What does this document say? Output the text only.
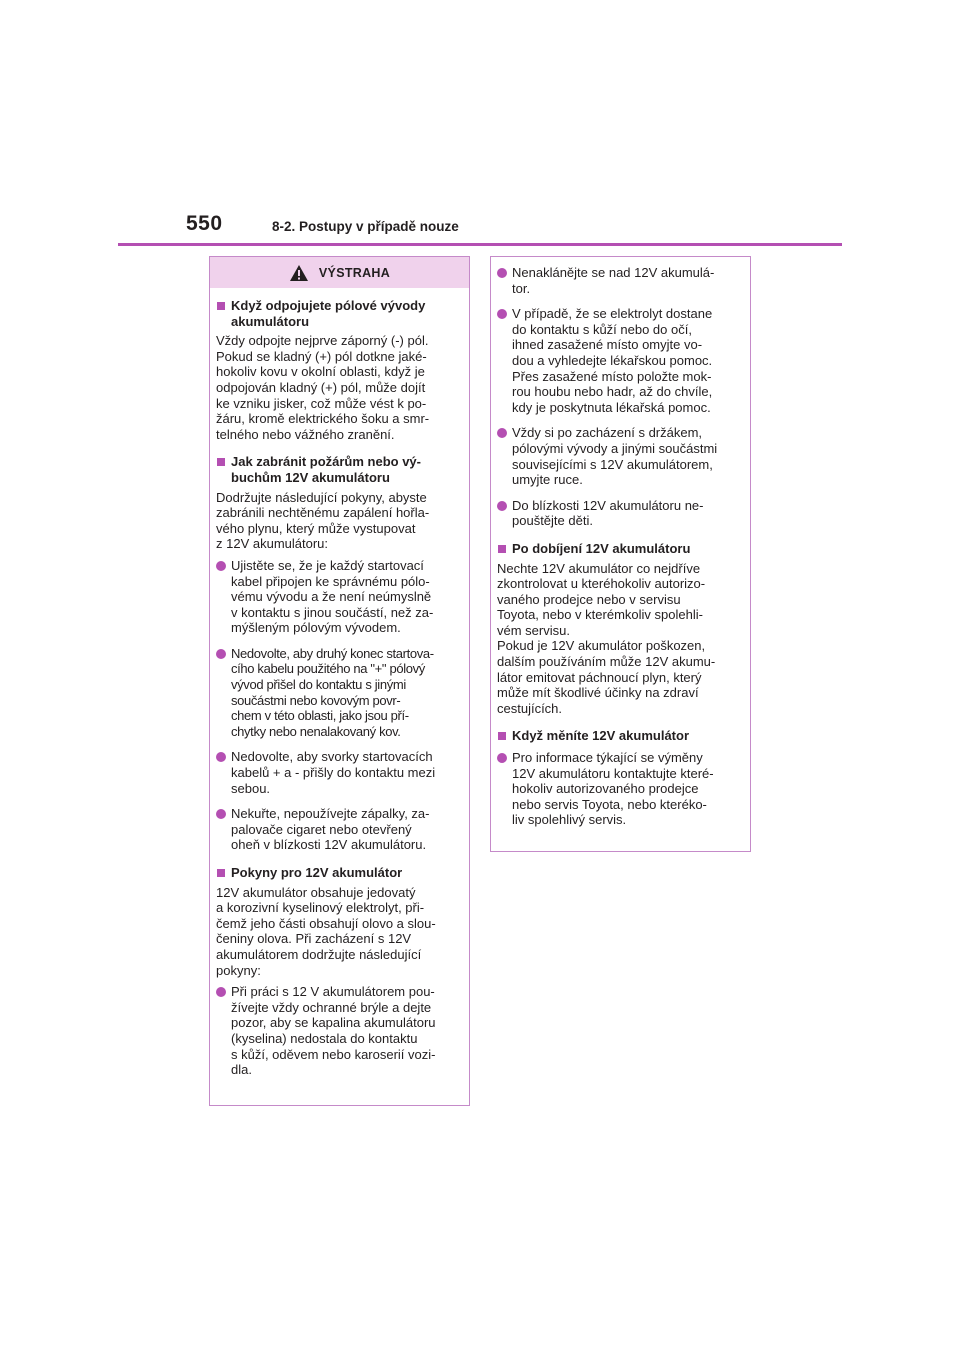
550	8-2. Postupy v případě nouze
VÝSTRAHA
Když odpojujete pólové vývody
akumulátoru
Vždy odpojte nejprve záporný (-) pól.
Pokud se kladný (+) pól dotkne jaké-
hokoliv kovu v okolní oblasti, když je
odpojován kladný (+) pól, může dojít
ke vzniku jisker, což může vést k po-
žáru, kromě elektrického šoku a smr-
telného nebo vážného zranění.
Jak zabránit požárům nebo vý-
buchům 12V akumulátoru
Dodržujte následující pokyny, abyste
zabránili nechtěnému zapálení hořla-
vého plynu, který může vystupovat
z 12V akumulátoru:
Ujistěte se, že je každý startovací
kabel připojen ke správnému pólo-
vému vývodu a že není neúmyslně
v kontaktu s jinou součástí, než za-
mýšleným pólovým vývodem.
Nedovolte, aby druhý konec startova-
cího kabelu použitého na "+" pólový
vývod přišel do kontaktu s jinými
součástmi nebo kovovým povr-
chem v této oblasti, jako jsou pří-
chytky nebo nenalakovaný kov.
Nedovolte, aby svorky startovacích
kabelů + a - přišly do kontaktu mezi
sebou.
Nekuřte, nepoužívejte zápalky, za-
palovače cigaret nebo otevřený
oheň v blízkosti 12V akumulátoru.
Pokyny pro 12V akumulátor
12V akumulátor obsahuje jedovatý
a korozivní kyselinový elektrolyt, při-
čemž jeho části obsahují olovo a slou-
čeniny olova. Při zacházení s 12V
akumulátorem dodržujte následující
pokyny:
Při práci s 12 V akumulátorem pou-
žívejte vždy ochranné brýle a dejte
pozor, aby se kapalina akumulátoru
(kyselina) nedostala do kontaktu
s kůží, oděvem nebo karoserií vozi-
dla.
Nenaklánějte se nad 12V akumulá-
tor.
V případě, že se elektrolyt dostane
do kontaktu s kůží nebo do očí,
ihned zasažené místo omyjte vo-
dou a vyhledejte lékařskou pomoc.
Přes zasažené místo položte mok-
rou houbu nebo hadr, až do chvíle,
kdy je poskytnuta lékařská pomoc.
Vždy si po zacházení s držákem,
pólovými vývody a jinými součástmi
souvisejícími s 12V akumulátorem,
umyjte ruce.
Do blízkosti 12V akumulátoru ne-
pouštějte děti.
Po dobíjení 12V akumulátoru
Nechte 12V akumulátor co nejdříve
zkontrolovat u kteréhokoliv autorizo-
vaného prodejce nebo v servisu
Toyota, nebo v kterémkoliv spolehli-
vém servisu.
Pokud je 12V akumulátor poškozen,
dalším používáním může 12V akumu-
látor emitovat páchnoucí plyn, který
může mít škodlivé účinky na zdraví
cestujících.
Když měníte 12V akumulátor
Pro informace týkající se výměny
12V akumulátoru kontaktujte které-
hokoliv autorizovaného prodejce
nebo servis Toyota, nebo kteréko-
liv spolehlivý servis.
